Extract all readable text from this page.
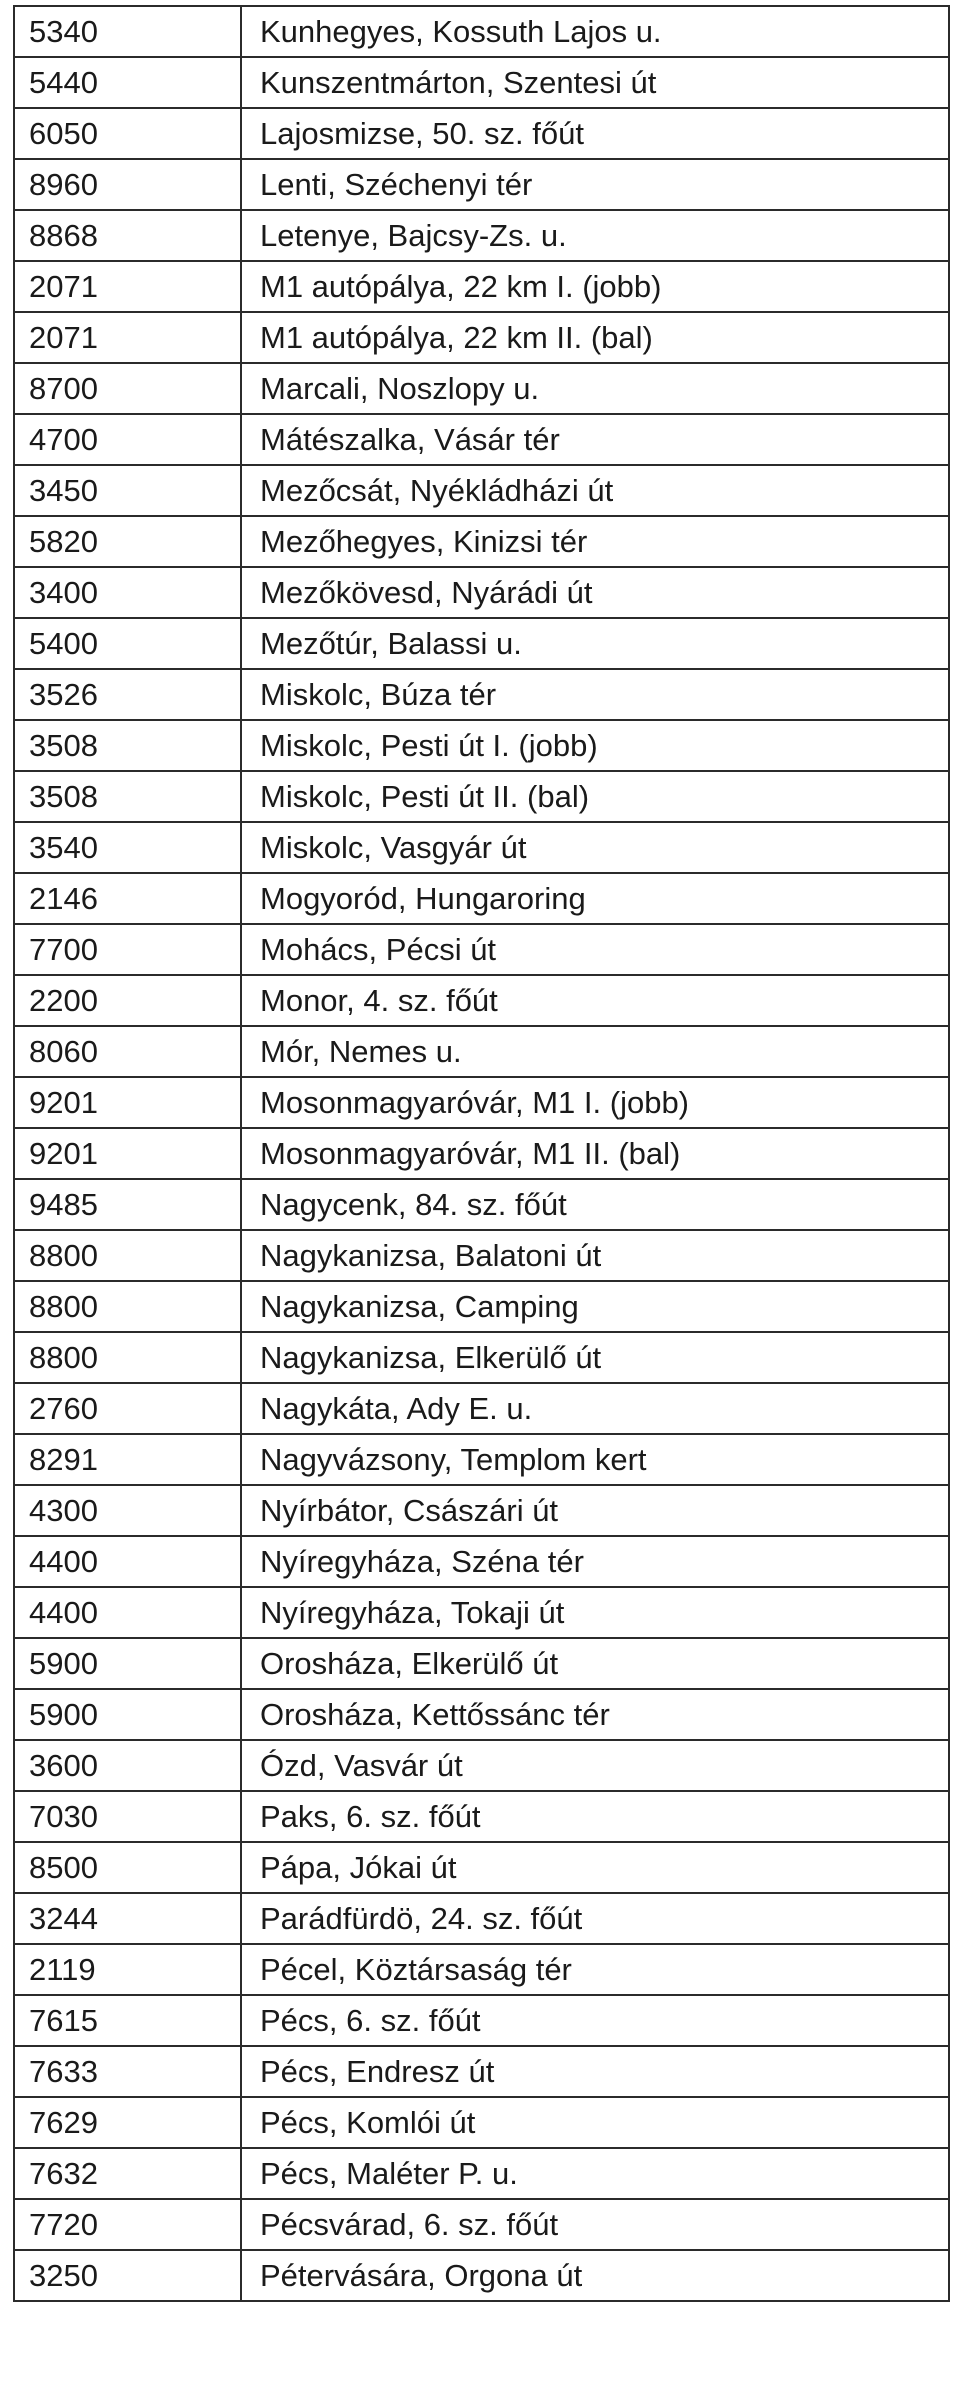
5340	Kunhegyes, Kossuth Lajos u.
5440	Kunszentmárton, Szentesi út
6050	Lajosmizse, 50. sz. főút
8960	Lenti, Széchenyi tér
8868	Letenye, Bajcsy-Zs. u.
2071	M1 autópálya, 22 km I. (jobb)
2071	M1 autópálya, 22 km II. (bal)
8700	Marcali, Noszlopy u.
4700	Mátészalka, Vásár tér
3450	Mezőcsát, Nyékládházi út
5820	Mezőhegyes, Kinizsi tér
3400	Mezőkövesd, Nyárádi út
5400	Mezőtúr, Balassi u.
3526	Miskolc, Búza tér
3508	Miskolc, Pesti út I. (jobb)
3508	Miskolc, Pesti út II. (bal)
3540	Miskolc, Vasgyár út
2146	Mogyoród, Hungaroring
7700	Mohács, Pécsi út
2200	Monor, 4. sz. főút
8060	Mór, Nemes u.
9201	Mosonmagyaróvár, M1 I. (jobb)
9201	Mosonmagyaróvár, M1 II. (bal)
9485	Nagycenk, 84. sz. főút
8800	Nagykanizsa, Balatoni út
8800	Nagykanizsa, Camping
8800	Nagykanizsa, Elkerülő út
2760	Nagykáta, Ady E. u.
8291	Nagyvázsony, Templom kert
4300	Nyírbátor, Császári út
4400	Nyíregyháza, Széna tér
4400	Nyíregyháza, Tokaji út
5900	Orosháza, Elkerülő út
5900	Orosháza, Kettőssánc tér
3600	Ózd, Vasvár út
7030	Paks, 6. sz. főút
8500	Pápa, Jókai út
3244	Parádfürdö, 24. sz. főút
2119	Pécel, Köztársaság tér
7615	Pécs, 6. sz. főút
7633	Pécs, Endresz út
7629	Pécs, Komlói út
7632	Pécs, Maléter P. u.
7720	Pécsvárad, 6. sz. főút
3250	Pétervására, Orgona út
